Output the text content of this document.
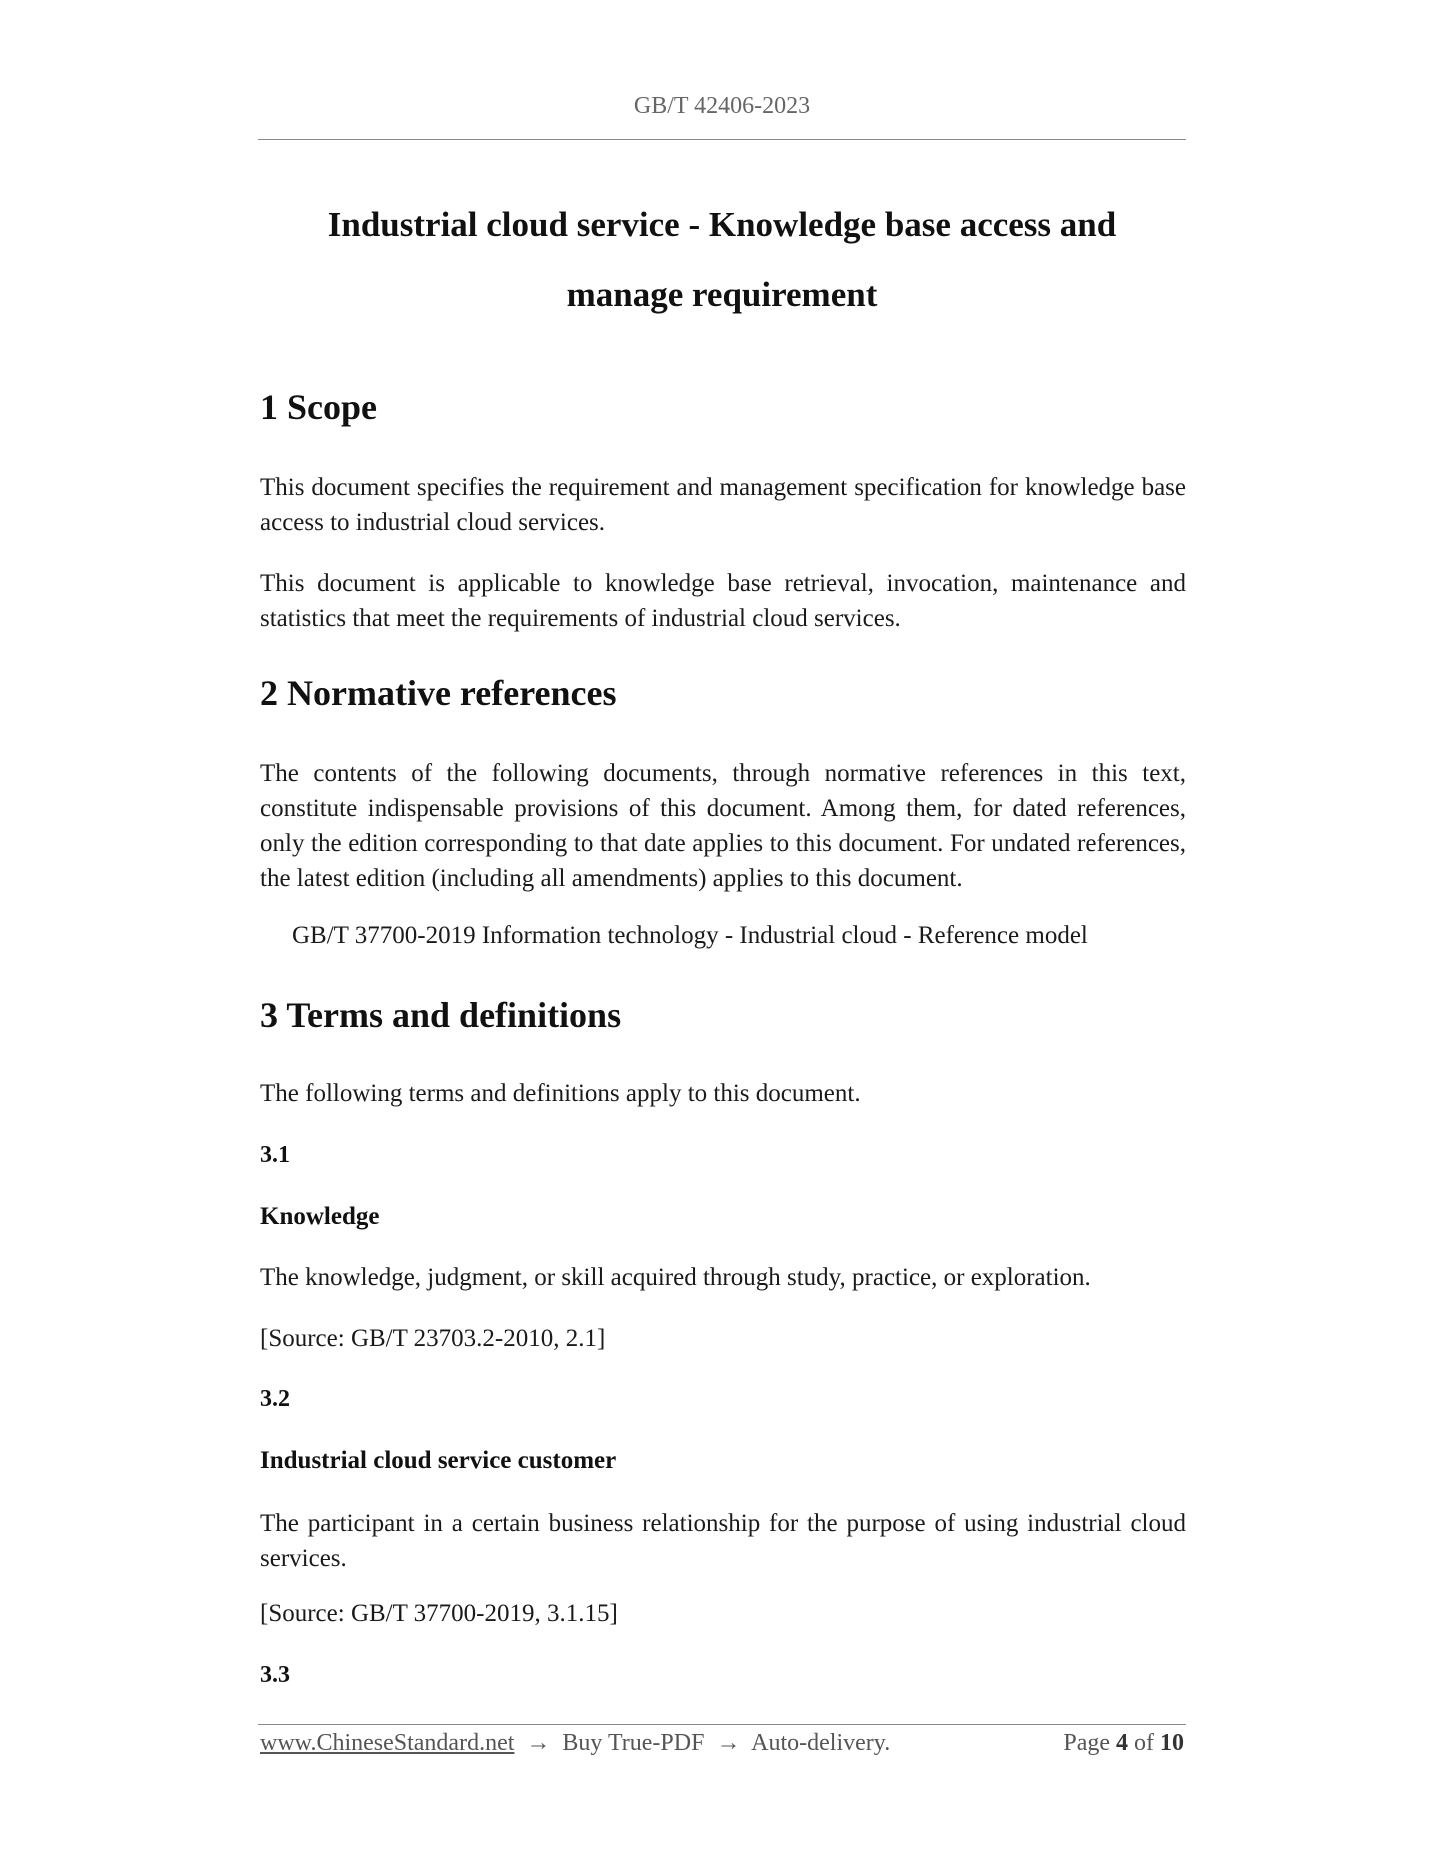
GB/T 42406-2023
Industrial cloud service - Knowledge base access and
manage requirement
1 Scope
This document specifies the requirement and management specification for knowledge base access to industrial cloud services.
This document is applicable to knowledge base retrieval, invocation, maintenance and statistics that meet the requirements of industrial cloud services.
2 Normative references
The contents of the following documents, through normative references in this text, constitute indispensable provisions of this document. Among them, for dated references, only the edition corresponding to that date applies to this document. For undated references, the latest edition (including all amendments) applies to this document.
GB/T 37700-2019 Information technology - Industrial cloud - Reference model
3 Terms and definitions
The following terms and definitions apply to this document.
3.1
Knowledge
The knowledge, judgment, or skill acquired through study, practice, or exploration.
[Source: GB/T 23703.2-2010, 2.1]
3.2
Industrial cloud service customer
The participant in a certain business relationship for the purpose of using industrial cloud services.
[Source: GB/T 37700-2019, 3.1.15]
3.3
www.ChineseStandard.net → Buy True-PDF → Auto-delivery.	Page 4 of 10
